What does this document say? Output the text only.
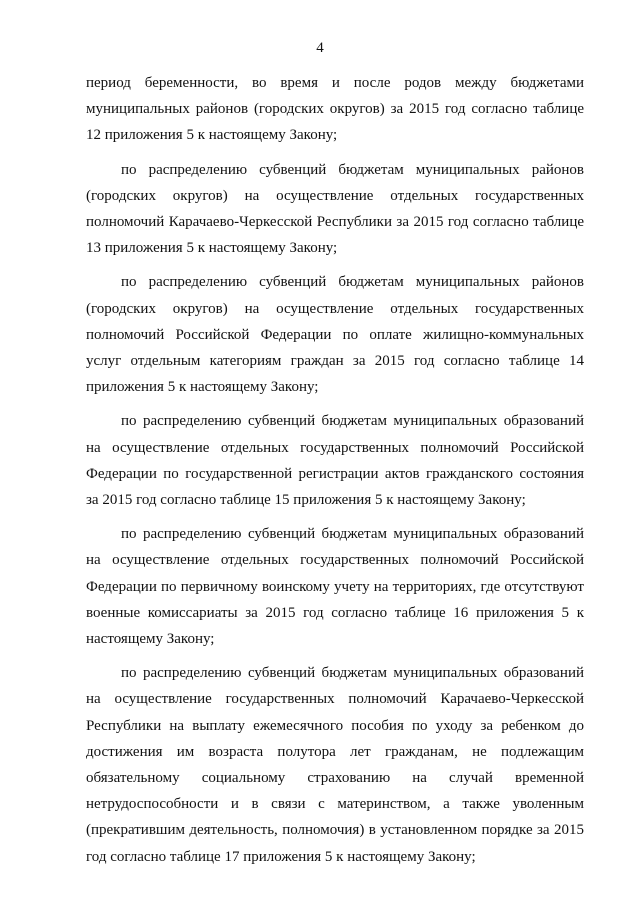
4

период беременности, во время и после родов между бюджетами муниципальных районов (городских округов) за 2015 год согласно таблице 12 приложения 5 к настоящему Закону;

по распределению субвенций бюджетам муниципальных районов (городских округов) на осуществление отдельных государственных полномочий Карачаево-Черкесской Республики за 2015 год согласно таблице 13 приложения 5 к настоящему Закону;

по распределению субвенций бюджетам муниципальных районов (городских округов) на осуществление отдельных государственных полномочий Российской Федерации по оплате жилищно-коммунальных услуг отдельным категориям граждан за 2015 год согласно таблице 14 приложения 5 к настоящему Закону;

по распределению субвенций бюджетам муниципальных образований на осуществление отдельных государственных полномочий Российской Федерации по государственной регистрации актов гражданского состояния за 2015 год согласно таблице 15 приложения 5 к настоящему Закону;

по распределению субвенций бюджетам муниципальных образований на осуществление отдельных государственных полномочий Российской Федерации по первичному воинскому учету на территориях, где отсутствуют военные комиссариаты за 2015 год согласно таблице 16 приложения 5 к настоящему Закону;

по распределению субвенций бюджетам муниципальных образований на осуществление государственных полномочий Карачаево-Черкесской Республики на выплату ежемесячного пособия по уходу за ребенком до достижения им возраста полутора лет гражданам, не подлежащим обязательному социальному страхованию на случай временной нетрудоспособности и в связи с материнством, а также уволенным (прекратившим деятельность, полномочия) в установленном порядке за 2015 год согласно таблице 17 приложения 5 к настоящему Закону;
